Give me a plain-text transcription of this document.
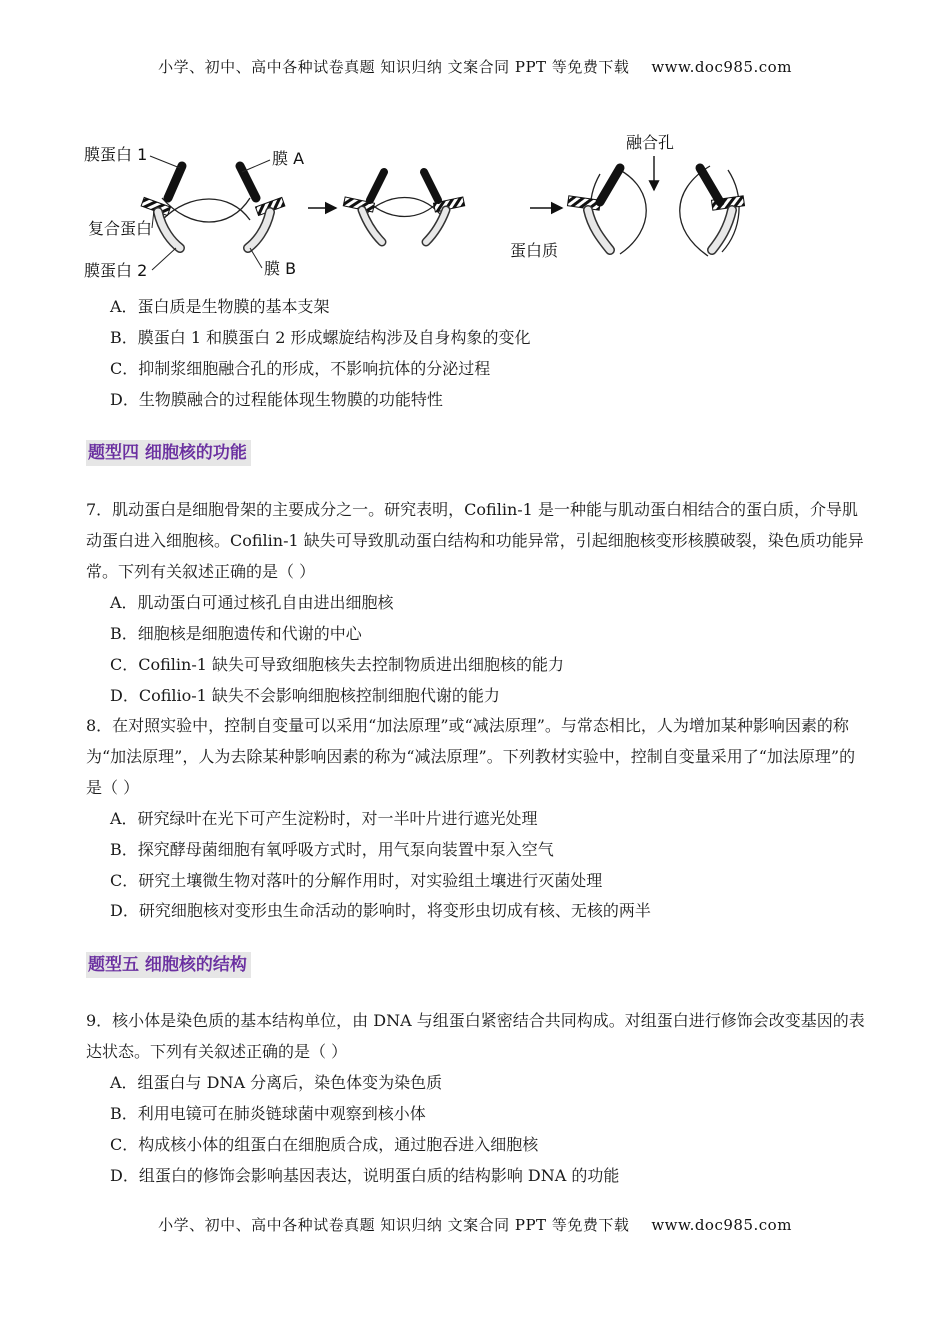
小学、初中、高中各种试卷真题 知识归纳 文案合同 PPT 等免费下载 www.doc985.com
膜蛋白 1	膜 A
复合蛋白
膜蛋白 2	膜 B
融合孔
蛋白质
A．蛋白质是生物膜的基本支架
B．膜蛋白 1 和膜蛋白 2 形成螺旋结构涉及自身构象的变化
C．抑制浆细胞融合孔的形成，不影响抗体的分泌过程
D．生物膜融合的过程能体现生物膜的功能特性
题型四 细胞核的功能
7．肌动蛋白是细胞骨架的主要成分之一。研究表明，Cofilin-1 是一种能与肌动蛋白相结合的蛋白质，介导肌动蛋白进入细胞核。Cofilin-1 缺失可导致肌动蛋白结构和功能异常，引起细胞核变形核膜破裂，染色质功能异常。下列有关叙述正确的是（ ）
A．肌动蛋白可通过核孔自由进出细胞核
B．细胞核是细胞遗传和代谢的中心
C．Cofilin-1 缺失可导致细胞核失去控制物质进出细胞核的能力
D．Cofilio-1 缺失不会影响细胞核控制细胞代谢的能力
8．在对照实验中，控制自变量可以采用“加法原理”或“减法原理”。与常态相比，人为增加某种影响因素的称为“加法原理”，人为去除某种影响因素的称为“减法原理”。下列教材实验中，控制自变量采用了“加法原理”的是（ ）
A．研究绿叶在光下可产生淀粉时，对一半叶片进行遮光处理
B．探究酵母菌细胞有氧呼吸方式时，用气泵向装置中泵入空气
C．研究土壤微生物对落叶的分解作用时，对实验组土壤进行灭菌处理
D．研究细胞核对变形虫生命活动的影响时，将变形虫切成有核、无核的两半
题型五 细胞核的结构
9．核小体是染色质的基本结构单位，由 DNA 与组蛋白紧密结合共同构成。对组蛋白进行修饰会改变基因的表达状态。下列有关叙述正确的是（ ）
A．组蛋白与 DNA 分离后，染色体变为染色质
B．利用电镜可在肺炎链球菌中观察到核小体
C．构成核小体的组蛋白在细胞质合成，通过胞吞进入细胞核
D．组蛋白的修饰会影响基因表达，说明蛋白质的结构影响 DNA 的功能
小学、初中、高中各种试卷真题 知识归纳 文案合同 PPT 等免费下载 www.doc985.com
